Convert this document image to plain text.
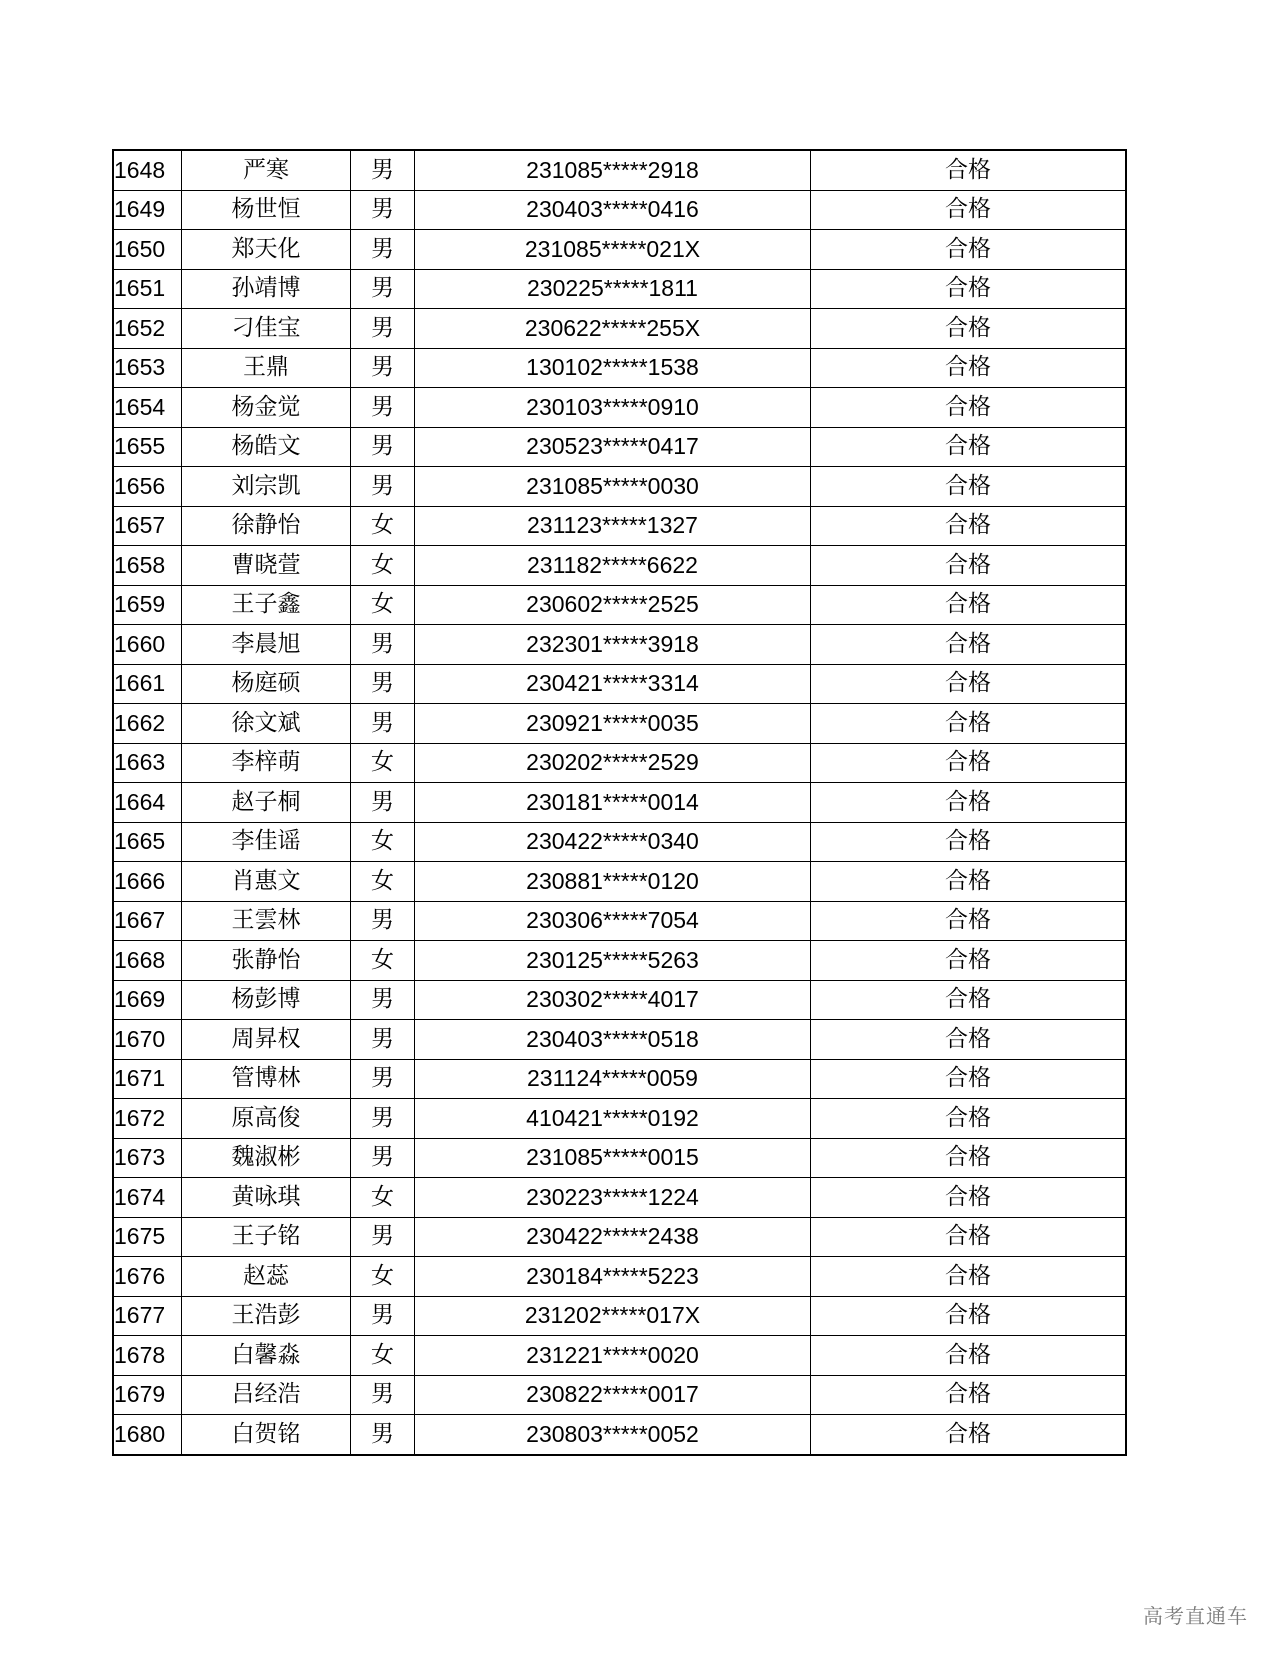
1648	严寒	男	231085*****2918	合格
1649	杨世恒	男	230403*****0416	合格
1650	郑天化	男	231085*****021X	合格
1651	孙靖博	男	230225*****1811	合格
1652	刁佳宝	男	230622*****255X	合格
1653	王鼎	男	130102*****1538	合格
1654	杨金觉	男	230103*****0910	合格
1655	杨皓文	男	230523*****0417	合格
1656	刘宗凯	男	231085*****0030	合格
1657	徐静怡	女	231123*****1327	合格
1658	曹晓萱	女	231182*****6622	合格
1659	王子鑫	女	230602*****2525	合格
1660	李晨旭	男	232301*****3918	合格
1661	杨庭硕	男	230421*****3314	合格
1662	徐文斌	男	230921*****0035	合格
1663	李梓萌	女	230202*****2529	合格
1664	赵子桐	男	230181*****0014	合格
1665	李佳谣	女	230422*****0340	合格
1666	肖惠文	女	230881*****0120	合格
1667	王雲林	男	230306*****7054	合格
1668	张静怡	女	230125*****5263	合格
1669	杨彭博	男	230302*****4017	合格
1670	周昇权	男	230403*****0518	合格
1671	管博林	男	231124*****0059	合格
1672	原高俊	男	410421*****0192	合格
1673	魏淑彬	男	231085*****0015	合格
1674	黄咏琪	女	230223*****1224	合格
1675	王子铭	男	230422*****2438	合格
1676	赵蕊	女	230184*****5223	合格
1677	王浩彭	男	231202*****017X	合格
1678	白馨淼	女	231221*****0020	合格
1679	吕经浩	男	230822*****0017	合格
1680	白贺铭	男	230803*****0052	合格
高考直通车
